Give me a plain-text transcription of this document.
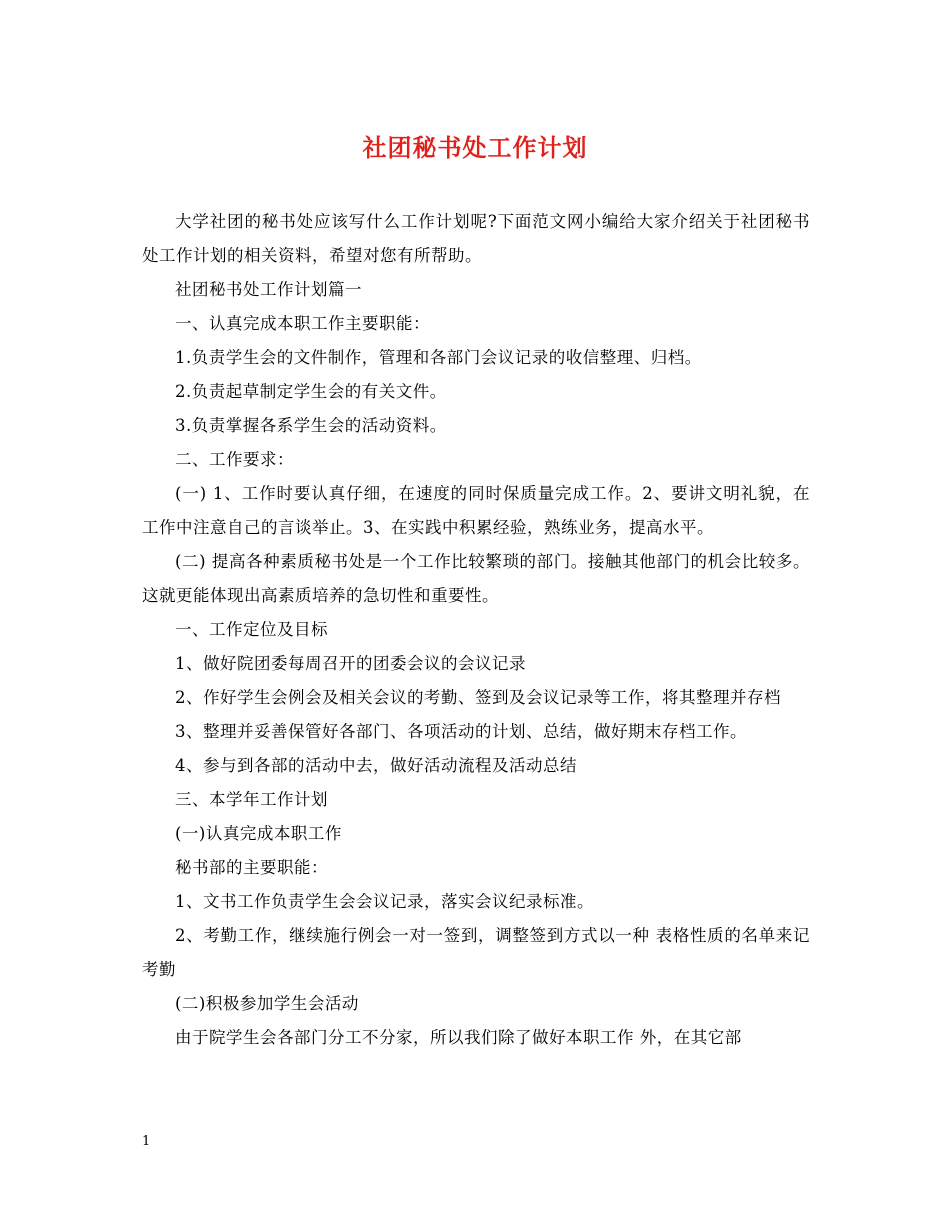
社团秘书处工作计划

大学社团的秘书处应该写什么工作计划呢?下面范文网小编给大家介绍关于社团秘书处工作计划的相关资料，希望对您有所帮助。

社团秘书处工作计划篇一

一、认真完成本职工作主要职能：

1.负责学生会的文件制作，管理和各部门会议记录的收信整理、归档。

2.负责起草制定学生会的有关文件。

3.负责掌握各系学生会的活动资料。

二、工作要求：

(一) 1、工作时要认真仔细，在速度的同时保质量完成工作。2、要讲文明礼貌，在工作中注意自己的言谈举止。3、在实践中积累经验，熟练业务，提高水平。

(二) 提高各种素质秘书处是一个工作比较繁琐的部门。接触其他部门的机会比较多。这就更能体现出高素质培养的急切性和重要性。

一、工作定位及目标

1、做好院团委每周召开的团委会议的会议记录

2、作好学生会例会及相关会议的考勤、签到及会议记录等工作，将其整理并存档

3、整理并妥善保管好各部门、各项活动的计划、总结，做好期末存档工作。

4、参与到各部的活动中去，做好活动流程及活动总结

三、本学年工作计划

(一)认真完成本职工作

秘书部的主要职能：

1、文书工作负责学生会会议记录，落实会议纪录标准。

2、考勤工作，继续施行例会一对一签到，调整签到方式以一种 表格性质的名单来记考勤

(二)积极参加学生会活动

由于院学生会各部门分工不分家，所以我们除了做好本职工作 外，在其它部

1
